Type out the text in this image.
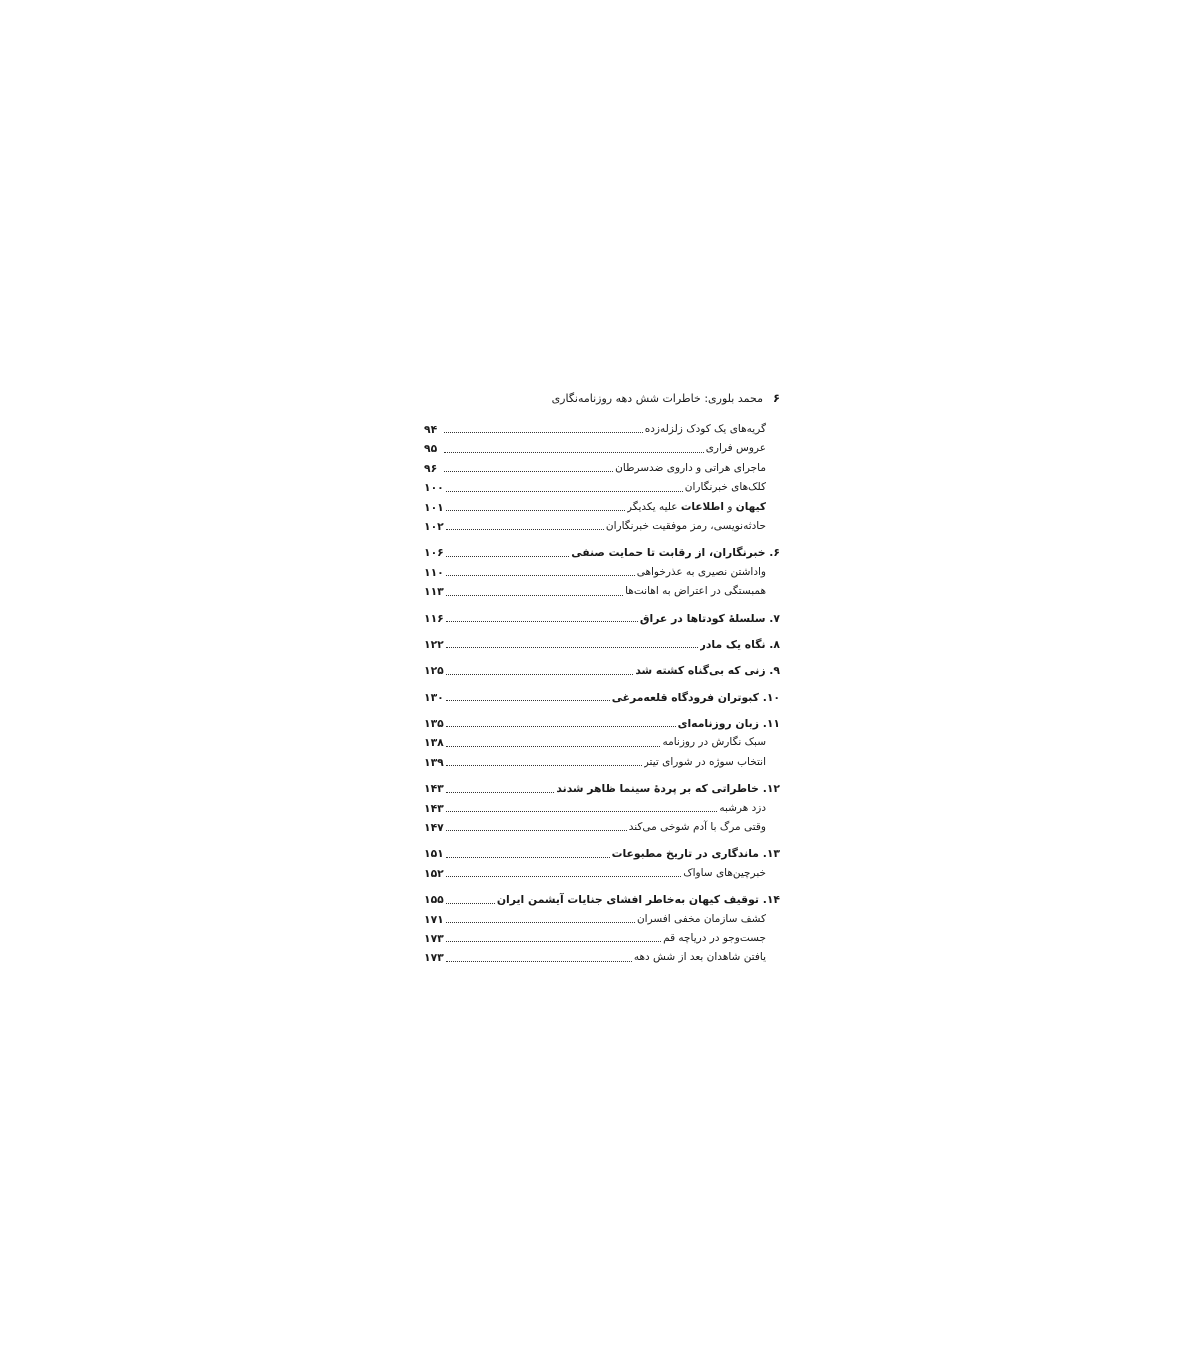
۶
محمد بلوری: خاطرات شش دهه روزنامه‌نگاری
گریه‌های یک کودک زلزله‌زده
۹۴
عروس فراری
۹۵
ماجرای هراتی و داروی ضدسرطان
۹۶
کلک‌های خبرنگاران
۱۰۰
کیهان و اطلاعات علیه یکدیگر
۱۰۱
حادثه‌نویسی، رمز موفقیت خبرنگاران
۱۰۲
۶. خبرنگاران، از رقابت تا حمایت صنفی
۱۰۶
واداشتن نصیری به عذرخواهی
۱۱۰
همبستگی در اعتراض به اهانت‌ها
۱۱۳
۷. سلسلهٔ کودتاها در عراق
۱۱۶
۸. نگاه یک مادر
۱۲۲
۹. زنی که بی‌گناه کشته شد
۱۲۵
۱۰. کبوتران فرودگاه قلعه‌مرغی
۱۳۰
۱۱. زبان روزنامه‌ای
۱۳۵
سبک نگارش در روزنامه
۱۳۸
انتخاب سوژه در شورای تیتر
۱۳۹
۱۲. خاطراتی که بر پردهٔ سینما ظاهر شدند
۱۴۳
دزد هرشبه
۱۴۳
وقتی مرگ با آدم شوخی می‌کند
۱۴۷
۱۳. ماندگاری در تاریخ مطبوعات
۱۵۱
خبرچین‌های ساواک
۱۵۲
۱۴. توقیف کیهان به‌خاطر افشای جنایات آیشمن ایران
۱۵۵
کشف سازمان مخفی افسران
۱۷۱
جست‌وجو در دریاچه قم
۱۷۳
یافتن شاهدان بعد از شش دهه
۱۷۳
